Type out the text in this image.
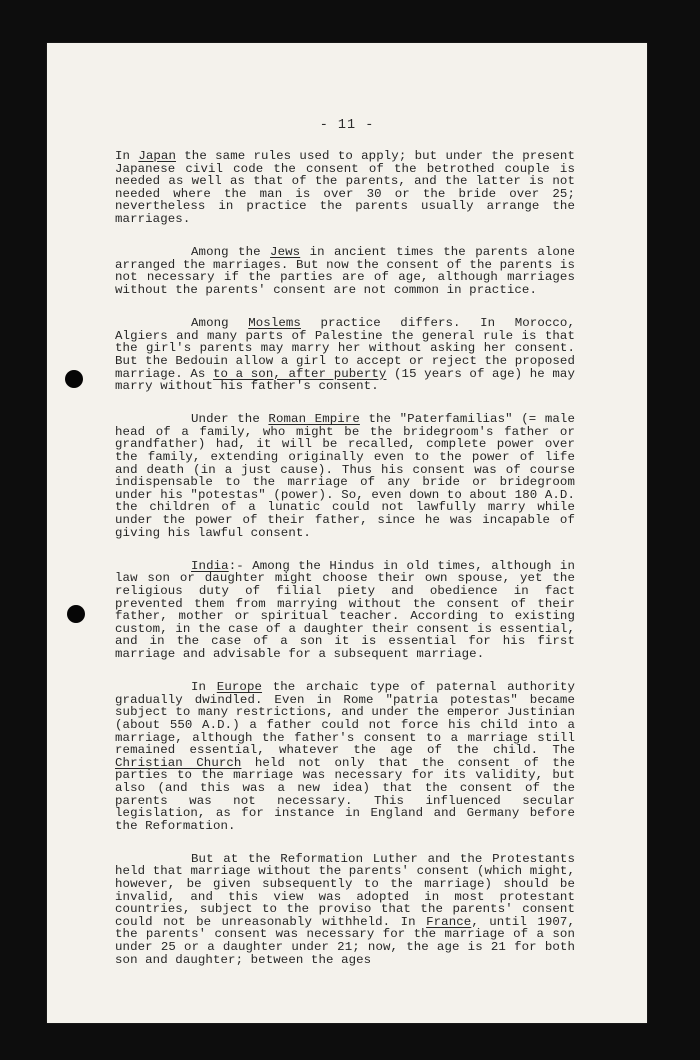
- 11 -

In Japan the same rules used to apply; but under the present Japanese civil code the consent of the betrothed couple is needed as well as that of the parents, and the latter is not needed where the man is over 30 or the bride over 25; nevertheless in practice the parents usually arrange the marriages.

Among the Jews in ancient times the parents alone arranged the marriages. But now the consent of the parents is not necessary if the parties are of age, although marriages without the parents' consent are not common in practice.

Among Moslems practice differs. In Morocco, Algiers and many parts of Palestine the general rule is that the girl's parents may marry her without asking her consent. But the Bedouin allow a girl to accept or reject the proposed marriage. As to a son, after puberty (15 years of age) he may marry without his father's consent.

Under the Roman Empire the "Paterfamilias" (= male head of a family, who might be the bridegroom's father or grandfather) had, it will be recalled, complete power over the family, extending originally even to the power of life and death (in a just cause). Thus his consent was of course indispensable to the marriage of any bride or bridegroom under his "potestas" (power). So, even down to about 180 A.D. the children of a lunatic could not lawfully marry while under the power of their father, since he was incapable of giving his lawful consent.

India:- Among the Hindus in old times, although in law son or daughter might choose their own spouse, yet the religious duty of filial piety and obedience in fact prevented them from marrying without the consent of their father, mother or spiritual teacher. According to existing custom, in the case of a daughter their consent is essential, and in the case of a son it is essential for his first marriage and advisable for a subsequent marriage.

In Europe the archaic type of paternal authority gradually dwindled. Even in Rome "patria potestas" became subject to many restrictions, and under the emperor Justinian (about 550 A.D.) a father could not force his child into a marriage, although the father's consent to a marriage still remained essential, whatever the age of the child. The Christian Church held not only that the consent of the parties to the marriage was necessary for its validity, but also (and this was a new idea) that the consent of the parents was not necessary. This influenced secular legislation, as for instance in England and Germany before the Reformation.

But at the Reformation Luther and the Protestants held that marriage without the parents' consent (which might, however, be given subsequently to the marriage) should be invalid, and this view was adopted in most protestant countries, subject to the proviso that the parents' consent could not be unreasonably withheld. In France, until 1907, the parents' consent was necessary for the marriage of a son under 25 or a daughter under 21; now, the age is 21 for both son and daughter; between the ages
